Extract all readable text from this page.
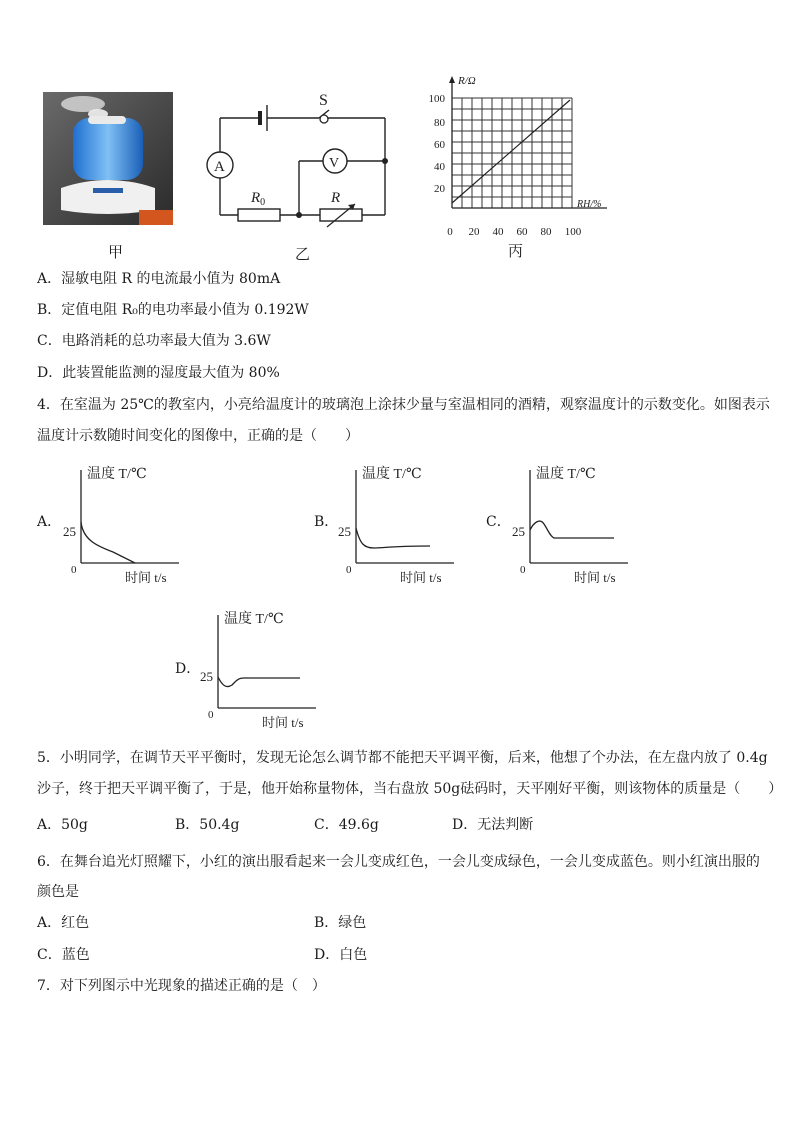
甲
S
A	V
$R_0$	R
乙
R/Ω
RH/%
100
80
60
40
20
0 20 40 60 80 100
丙
A．湿敏电阻 R 的电流最小值为 80mA
B．定值电阻 R₀的电功率最小值为 0.192W
C．电路消耗的总功率最大值为 3.6W
D．此装置能监测的湿度最大值为 80%
4．在室温为 25℃的教室内，小亮给温度计的玻璃泡上涂抹少量与室温相同的酒精，观察温度计的示数变化。如图表示
温度计示数随时间变化的图像中，正确的是（　　）
A．
温度 T/℃
25
0	时间 t/s
B．
温度 T/℃
25
0	时间 t/s
C．
温度 T/℃
25
0	时间 t/s
D．
温度 T/℃
25
0	时间 t/s
5．小明同学，在调节天平平衡时，发现无论怎么调节都不能把天平调平衡，后来，他想了个办法，在左盘内放了 0.4g
沙子，终于把天平调平衡了，于是，他开始称量物体，当右盘放 50g砝码时，天平刚好平衡，则该物体的质量是（　　）
A．50g	B．50.4g	C．49.6g	D．无法判断
6．在舞台追光灯照耀下，小红的演出服看起来一会儿变成红色，一会儿变成绿色，一会儿变成蓝色。则小红演出服的
颜色是
A．红色	B．绿色
C．蓝色	D．白色
7．对下列图示中光现象的描述正确的是（　）
